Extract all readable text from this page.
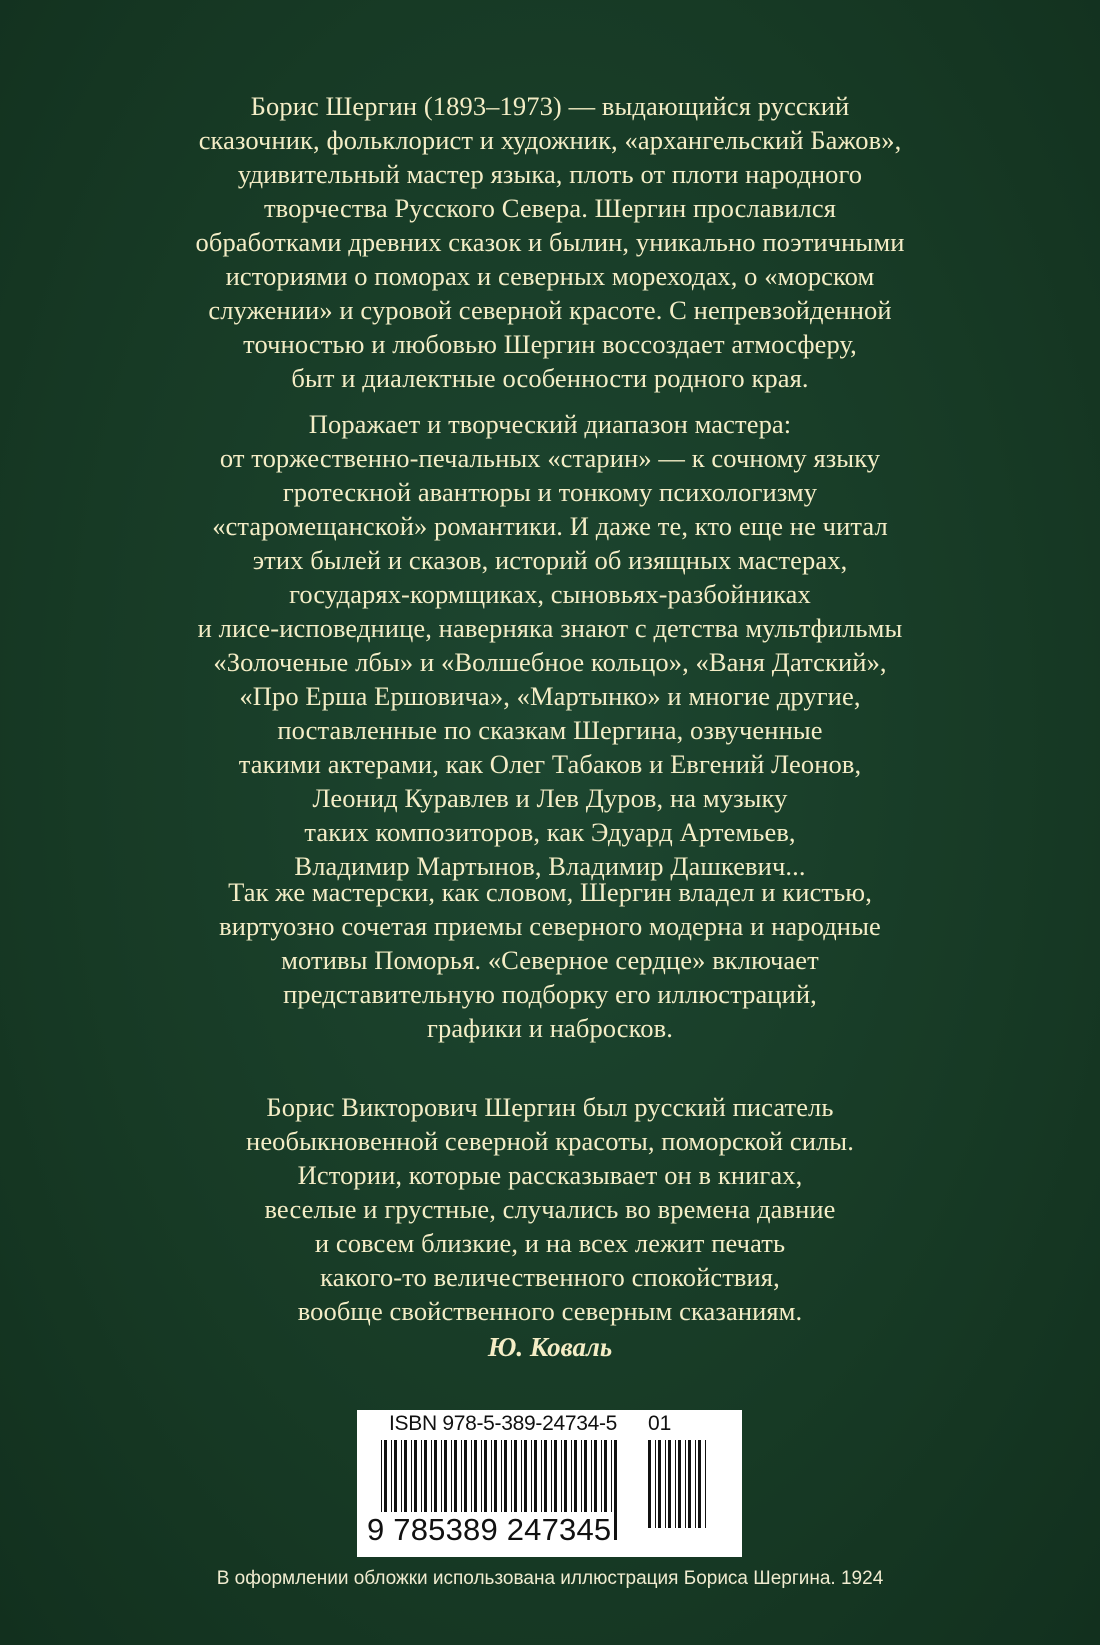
Борис Шергин (1893–1973) — выдающийся русский
сказочник, фольклорист и художник, «архангельский Бажов»,
удивительный мастер языка, плоть от плоти народного
творчества Русского Севера. Шергин прославился
обработками древних сказок и былин, уникально поэтичными
историями о поморах и северных мореходах, о «морском
служении» и суровой северной красоте. С непревзойденной
точностью и любовью Шергин воссоздает атмосферу,
быт и диалектные особенности родного края.

Поражает и творческий диапазон мастера:
от торжественно-печальных «старин» — к сочному языку
гротескной авантюры и тонкому психологизму
«старомещанской» романтики. И даже те, кто еще не читал
этих былей и сказов, историй об изящных мастерах,
государях-кормщиках, сыновьях-разбойниках
и лисе-исповеднице, наверняка знают с детства мультфильмы
«Золоченые лбы» и «Волшебное кольцо», «Ваня Датский»,
«Про Ерша Ершовича», «Мартынко» и многие другие,
поставленные по сказкам Шергина, озвученные
такими актерами, как Олег Табаков и Евгений Леонов,
Леонид Куравлев и Лев Дуров, на музыку
таких композиторов, как Эдуард Артемьев,
Владимир Мартынов, Владимир Дашкевич...

Так же мастерски, как словом, Шергин владел и кистью,
виртуозно сочетая приемы северного модерна и народные
мотивы Поморья. «Северное сердце» включает
представительную подборку его иллюстраций,
графики и набросков.

Борис Викторович Шергин был русский писатель
необыкновенной северной красоты, поморской силы.
Истории, которые рассказывает он в книгах,
веселые и грустные, случались во времена давние
и совсем близкие, и на всех лежит печать
какого-то величественного спокойствия,
вообще свойственного северным сказаниям.

Ю. Коваль

ISBN 978-5-389-24734-5 01
9 785389 247345

В оформлении обложки использована иллюстрация Бориса Шергина. 1924
